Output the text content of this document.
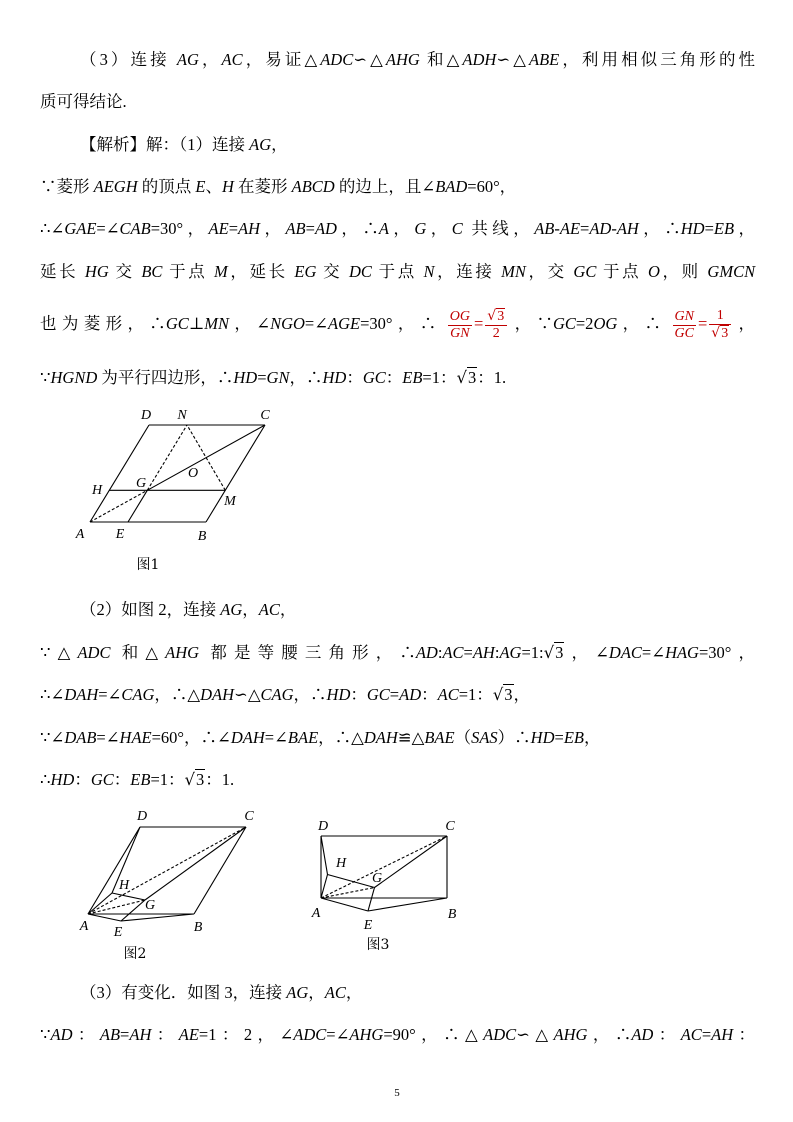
（3）连接 AG，AC，易证△ADC∽△AHG 和△ADH∽△ABE，利用相似三角形的性
质可得结论.
【解析】解：（1）连接 AG，
∵菱形 AEGH 的顶点 E、H 在菱形 ABCD 的边上，且∠BAD=60°，
∴∠GAE=∠CAB=30°，AE=AH，AB=AD，∴A，G，C 共线，AB-AE=AD-AH，∴HD=EB，
延长 HG 交 BC 于点 M，延长 EG 交 DC 于点 N，连接 MN，交 GC 于点 O，则 GMCN
也为菱形，∴GC⊥MN，∠NGO=∠AGE=30°，∴ $\frac{OG}{GN} = \frac{√3}{2}$ ，∵GC=2OG，∴ $\frac{GN}{GC} = \frac{1}{√3}$ ，
∵HGND 为平行四边形，∴HD=GN，∴HD：GC：EB=1：√3：1.
D N	C
H G
O
M
A E	B
图1
（2）如图 2，连接 AG，AC，
∵△ADC 和△AHG 都是等腰三角形，∴AD:AC=AH:AG=1:√3，∠DAC=∠HAG=30°，
∴∠DAH=∠CAG，∴△DAH∽△CAG，∴HD：GC=AD：AC=1：√3，
∵∠DAB=∠HAE=60°，∴∠DAH=∠BAE，∴△DAH≌△BAE（SAS）∴HD=EB，
∴HD：GC：EB=1：√3：1.
D	C
H
G
A E	B
图2
D	C
H
G
A
E
B
图3
（3）有变化．如图 3，连接 AG，AC，
∵AD：AB=AH：AE=1：2，∠ADC=∠AHG=90°，∴△ADC∽△AHG，∴AD：AC=AH：
5
